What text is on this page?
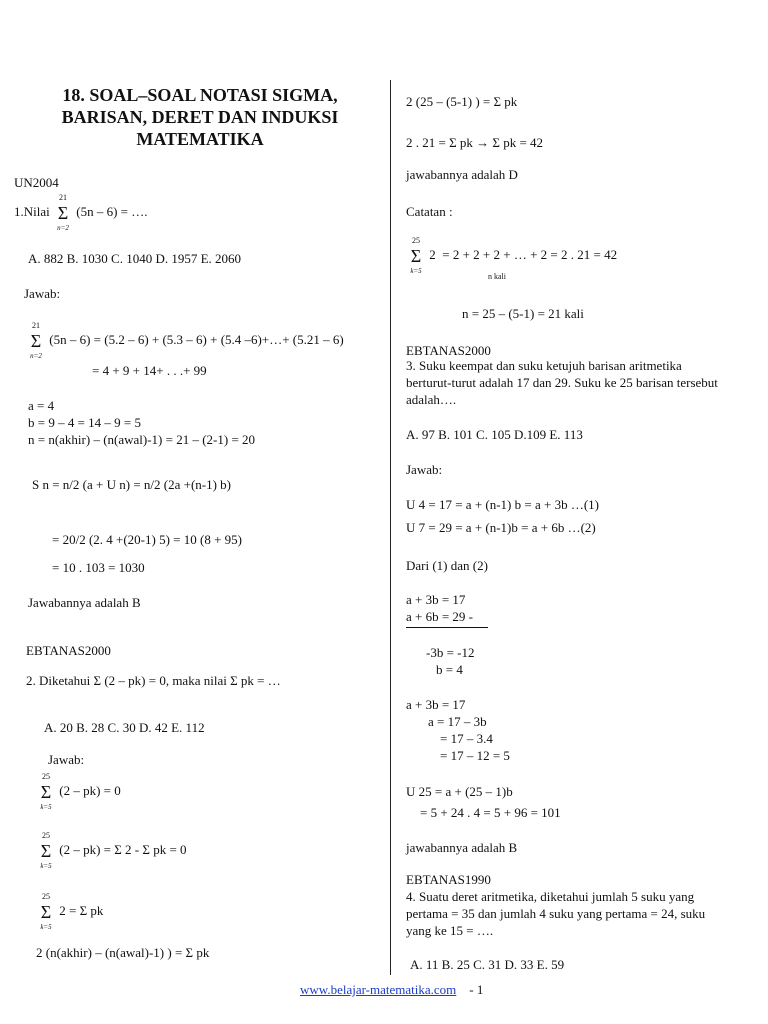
18. SOAL–SOAL NOTASI SIGMA,
BARISAN, DERET DAN INDUKSI
MATEMATIKA
UN2004
1.Nilai Σ
21
n=2
(5n – 6) = ….
A. 882 B. 1030 C. 1040 D. 1957 E. 2060
Jawab:
Σ
21
n=2
(5n – 6) = (5.2 – 6) + (5.3 – 6) + (5.4 –6)+…+ (5.21 – 6)
= 4 + 9 + 14+ . . .+ 99
a = 4
b = 9 – 4 = 14 – 9 = 5
n = n(akhir) – (n(awal)-1) = 21 – (2-1) = 20
S n = n/2 (a + U n) = n/2 (2a +(n-1) b)
= 20/2 (2. 4 +(20-1) 5) = 10 (8 + 95)
= 10 . 103 = 1030
Jawabannya adalah B
EBTANAS2000
2. Diketahui Σ (2 – pk) = 0, maka nilai Σ pk = …
A. 20 B. 28 C. 30 D. 42 E. 112
Jawab:
Σ
25
k=5
(2 – pk) = 0
Σ
25
k=5
(2 – pk) = Σ 2 - Σ pk = 0
Σ
25
k=5
2 = Σ pk
2 (n(akhir) – (n(awal)-1) ) = Σ pk
2 (25 – (5-1) ) = Σ pk
2 . 21 = Σ pk → Σ pk = 42
jawabannya adalah D
Catatan :
Σ
25
k=5
2  = 2 + 2 + 2 + … + 2 = 2 . 21 = 42
n kali
n = 25 – (5-1) = 21 kali
EBTANAS2000
3. Suku keempat dan suku ketujuh barisan aritmetika
berturut-turut adalah 17 dan 29. Suku ke 25 barisan tersebut
adalah….
A. 97 B. 101 C. 105 D.109 E. 113
Jawab:
U 4 = 17 = a + (n-1) b = a + 3b …(1)
U 7 = 29 = a + (n-1)b = a + 6b …(2)
Dari (1) dan (2)
a + 3b = 17
a + 6b = 29 -
-3b = -12
b = 4
a + 3b = 17
a = 17 – 3b
= 17 – 3.4
= 17 – 12 = 5
U 25 = a + (25 – 1)b
= 5 + 24 . 4 = 5 + 96 = 101
jawabannya adalah B
EBTANAS1990
4. Suatu deret aritmetika, diketahui jumlah 5 suku yang
pertama = 35 dan jumlah 4 suku yang pertama = 24, suku
yang ke 15 = ….
A. 11 B. 25 C. 31 D. 33 E. 59
www.belajar-matematika.com - 1
